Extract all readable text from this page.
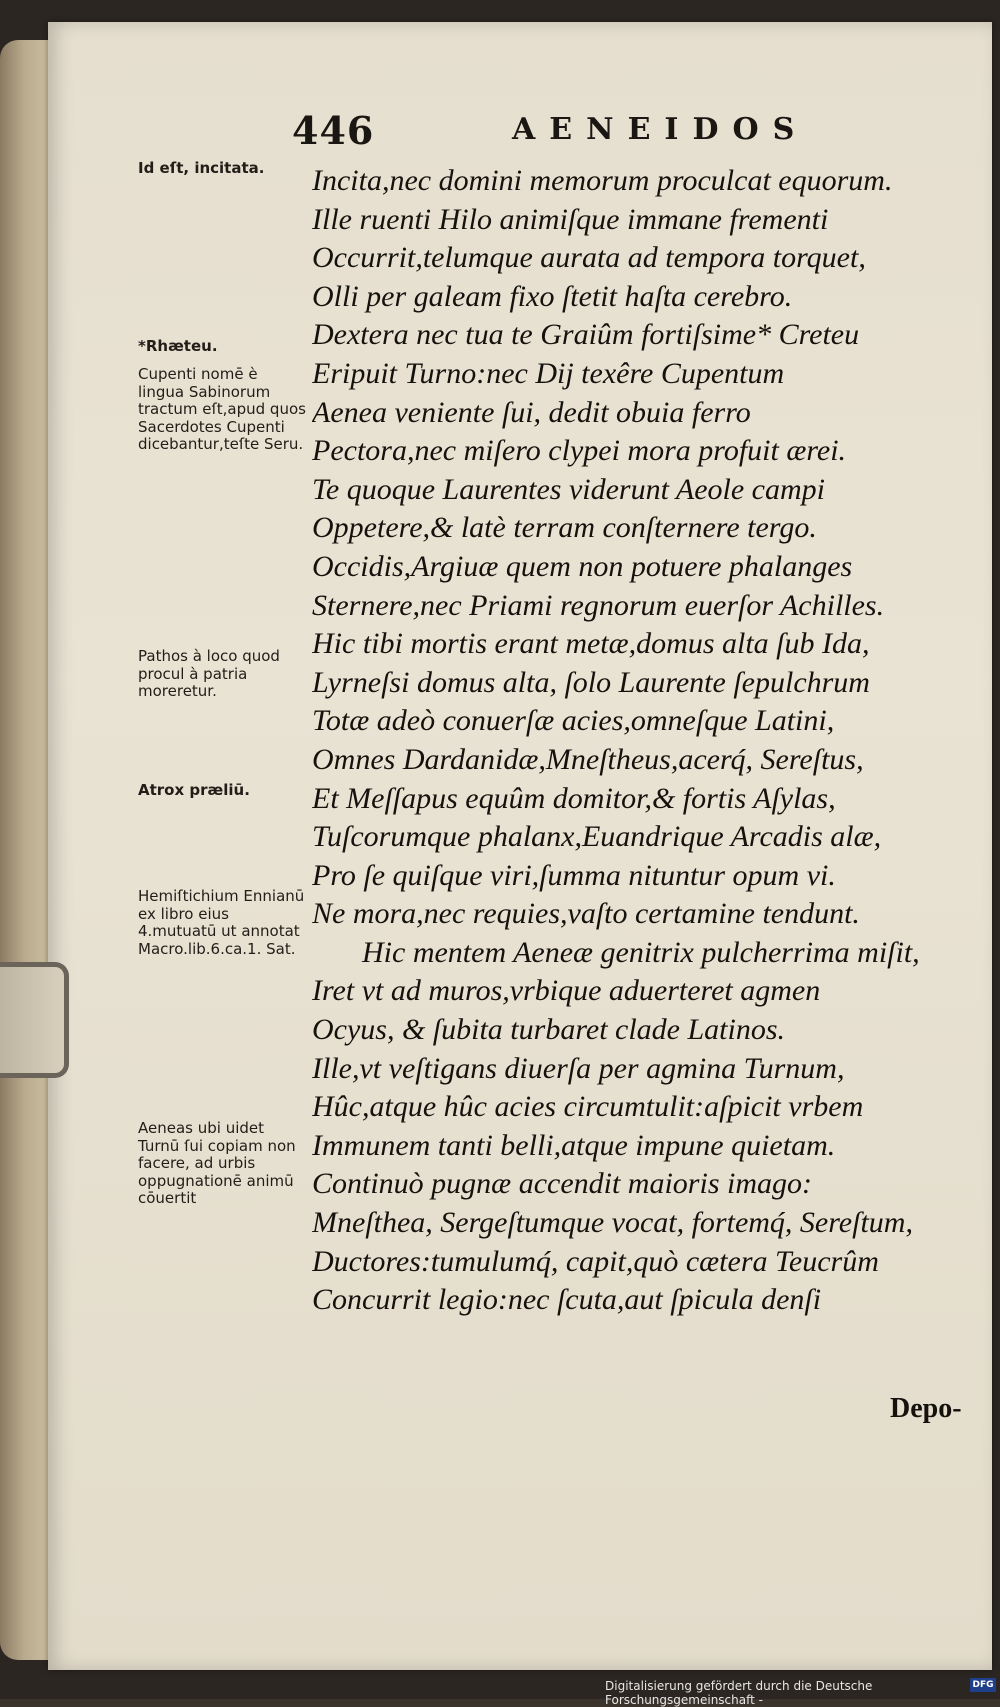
446	AENEIDOS
Incita,nec domini memorum proculcat equorum.
Ille ruenti Hilo animiſque immane frementi
Occurrit,telumque aurata ad tempora torquet,
Olli per galeam fixo ſtetit haſta cerebro.
Dextera nec tua te Graiûm fortiſsime* Creteu
Eripuit Turno:nec Dij texêre Cupentum
Aenea veniente ſui, dedit obuia ferro
Pectora,nec miſero clypei mora profuit ærei.
Te quoque Laurentes viderunt Aeole campi
Oppetere,& latè terram conſternere tergo.
Occidis,Argiuæ quem non potuere phalanges
Sternere,nec Priami regnorum euerſor Achilles.
Hic tibi mortis erant metæ,domus alta ſub Ida,
Lyrneſsi domus alta, ſolo Laurente ſepulchrum
Totæ adeò conuerſæ acies,omneſque Latini,
Omnes Dardanidæ,Mneſtheus,acerq́, Sereſtus,
Et Meſſapus equûm domitor,& fortis Aſylas,
Tuſcorumque phalanx,Euandrique Arcadis alæ,
Pro ſe quiſque viri,ſumma nituntur opum vi.
Ne mora,nec requies,vaſto certamine tendunt.
Hic mentem Aeneæ genitrix pulcherrima miſit,
Iret vt ad muros,vrbique aduerteret agmen
Ocyus, & ſubita turbaret clade Latinos.
Ille,vt veſtigans diuerſa per agmina Turnum,
Hûc,atque hûc acies circumtulit:aſpicit vrbem
Immunem tanti belli,atque impune quietam.
Continuò pugnæ accendit maioris imago:
Mneſthea, Sergeſtumque vocat, fortemq́, Sereſtum,
Ductores:tumulumq́, capit,quò cætera Teucrûm
Concurrit legio:nec ſcuta,aut ſpicula denſi
Id eſt, incitata.
*Rhæteu.
Cupenti nomē è lingua Sabinorum tractum eſt,apud quos Sacerdotes Cupenti dicebantur,teſte Seru.
Pathos à loco quod procul à patria moreretur.
Atrox præliū.
Hemiſtichium Ennianū ex libro eius 4.mutuatū ut annotat Macro.lib.6.ca.1. Sat.
Aeneas ubi uidet Turnū ſui copiam non facere, ad urbis oppugnationē animū cōuertit
Depo-
Digitalisierung gefördert durch die Deutsche Forschungsgemeinschaft -
DFG
